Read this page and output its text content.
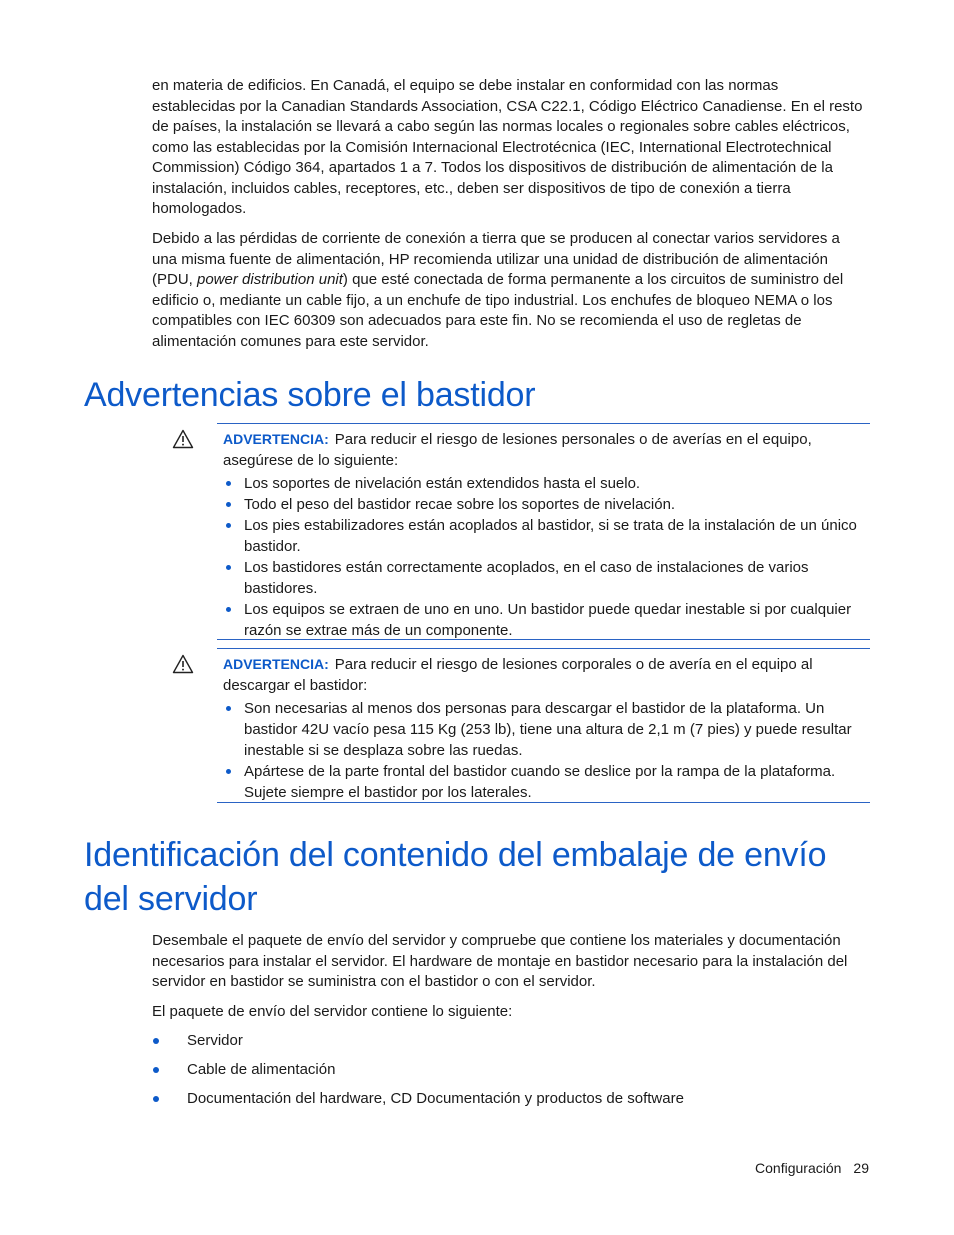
en materia de edificios. En Canadá, el equipo se debe instalar en conformidad con las normas establecidas por la Canadian Standards Association, CSA C22.1, Código Eléctrico Canadiense. En el resto de países, la instalación se llevará a cabo según las normas locales o regionales sobre cables eléctricos, como las establecidas por la Comisión Internacional Electrotécnica (IEC, International Electrotechnical Commission) Código 364, apartados 1 a 7. Todos los dispositivos de distribución de alimentación de la instalación, incluidos cables, receptores, etc., deben ser dispositivos de tipo de conexión a tierra homologados.

Debido a las pérdidas de corriente de conexión a tierra que se producen al conectar varios servidores a una misma fuente de alimentación, HP recomienda utilizar una unidad de distribución de alimentación (PDU, power distribution unit) que esté conectada de forma permanente a los circuitos de suministro del edificio o, mediante un cable fijo, a un enchufe de tipo industrial. Los enchufes de bloqueo NEMA o los compatibles con IEC 60309 son adecuados para este fin. No se recomienda el uso de regletas de alimentación comunes para este servidor.

Advertencias sobre el bastidor

ADVERTENCIA: Para reducir el riesgo de lesiones personales o de averías en el equipo, asegúrese de lo siguiente:

Los soportes de nivelación están extendidos hasta el suelo.
Todo el peso del bastidor recae sobre los soportes de nivelación.
Los pies estabilizadores están acoplados al bastidor, si se trata de la instalación de un único bastidor.
Los bastidores están correctamente acoplados, en el caso de instalaciones de varios bastidores.
Los equipos se extraen de uno en uno. Un bastidor puede quedar inestable si por cualquier razón se extrae más de un componente.

ADVERTENCIA: Para reducir el riesgo de lesiones corporales o de avería en el equipo al descargar el bastidor:

Son necesarias al menos dos personas para descargar el bastidor de la plataforma. Un bastidor 42U vacío pesa 115 Kg (253 lb), tiene una altura de 2,1 m (7 pies) y puede resultar inestable si se desplaza sobre las ruedas.
Apártese de la parte frontal del bastidor cuando se deslice por la rampa de la plataforma. Sujete siempre el bastidor por los laterales.
Identificación del contenido del embalaje de envío del servidor

Desembale el paquete de envío del servidor y compruebe que contiene los materiales y documentación necesarios para instalar el servidor. El hardware de montaje en bastidor necesario para la instalación del servidor en bastidor se suministra con el bastidor o con el servidor.

El paquete de envío del servidor contiene lo siguiente:

Servidor
Cable de alimentación
Documentación del hardware, CD Documentación y productos de software
Configuración 29
